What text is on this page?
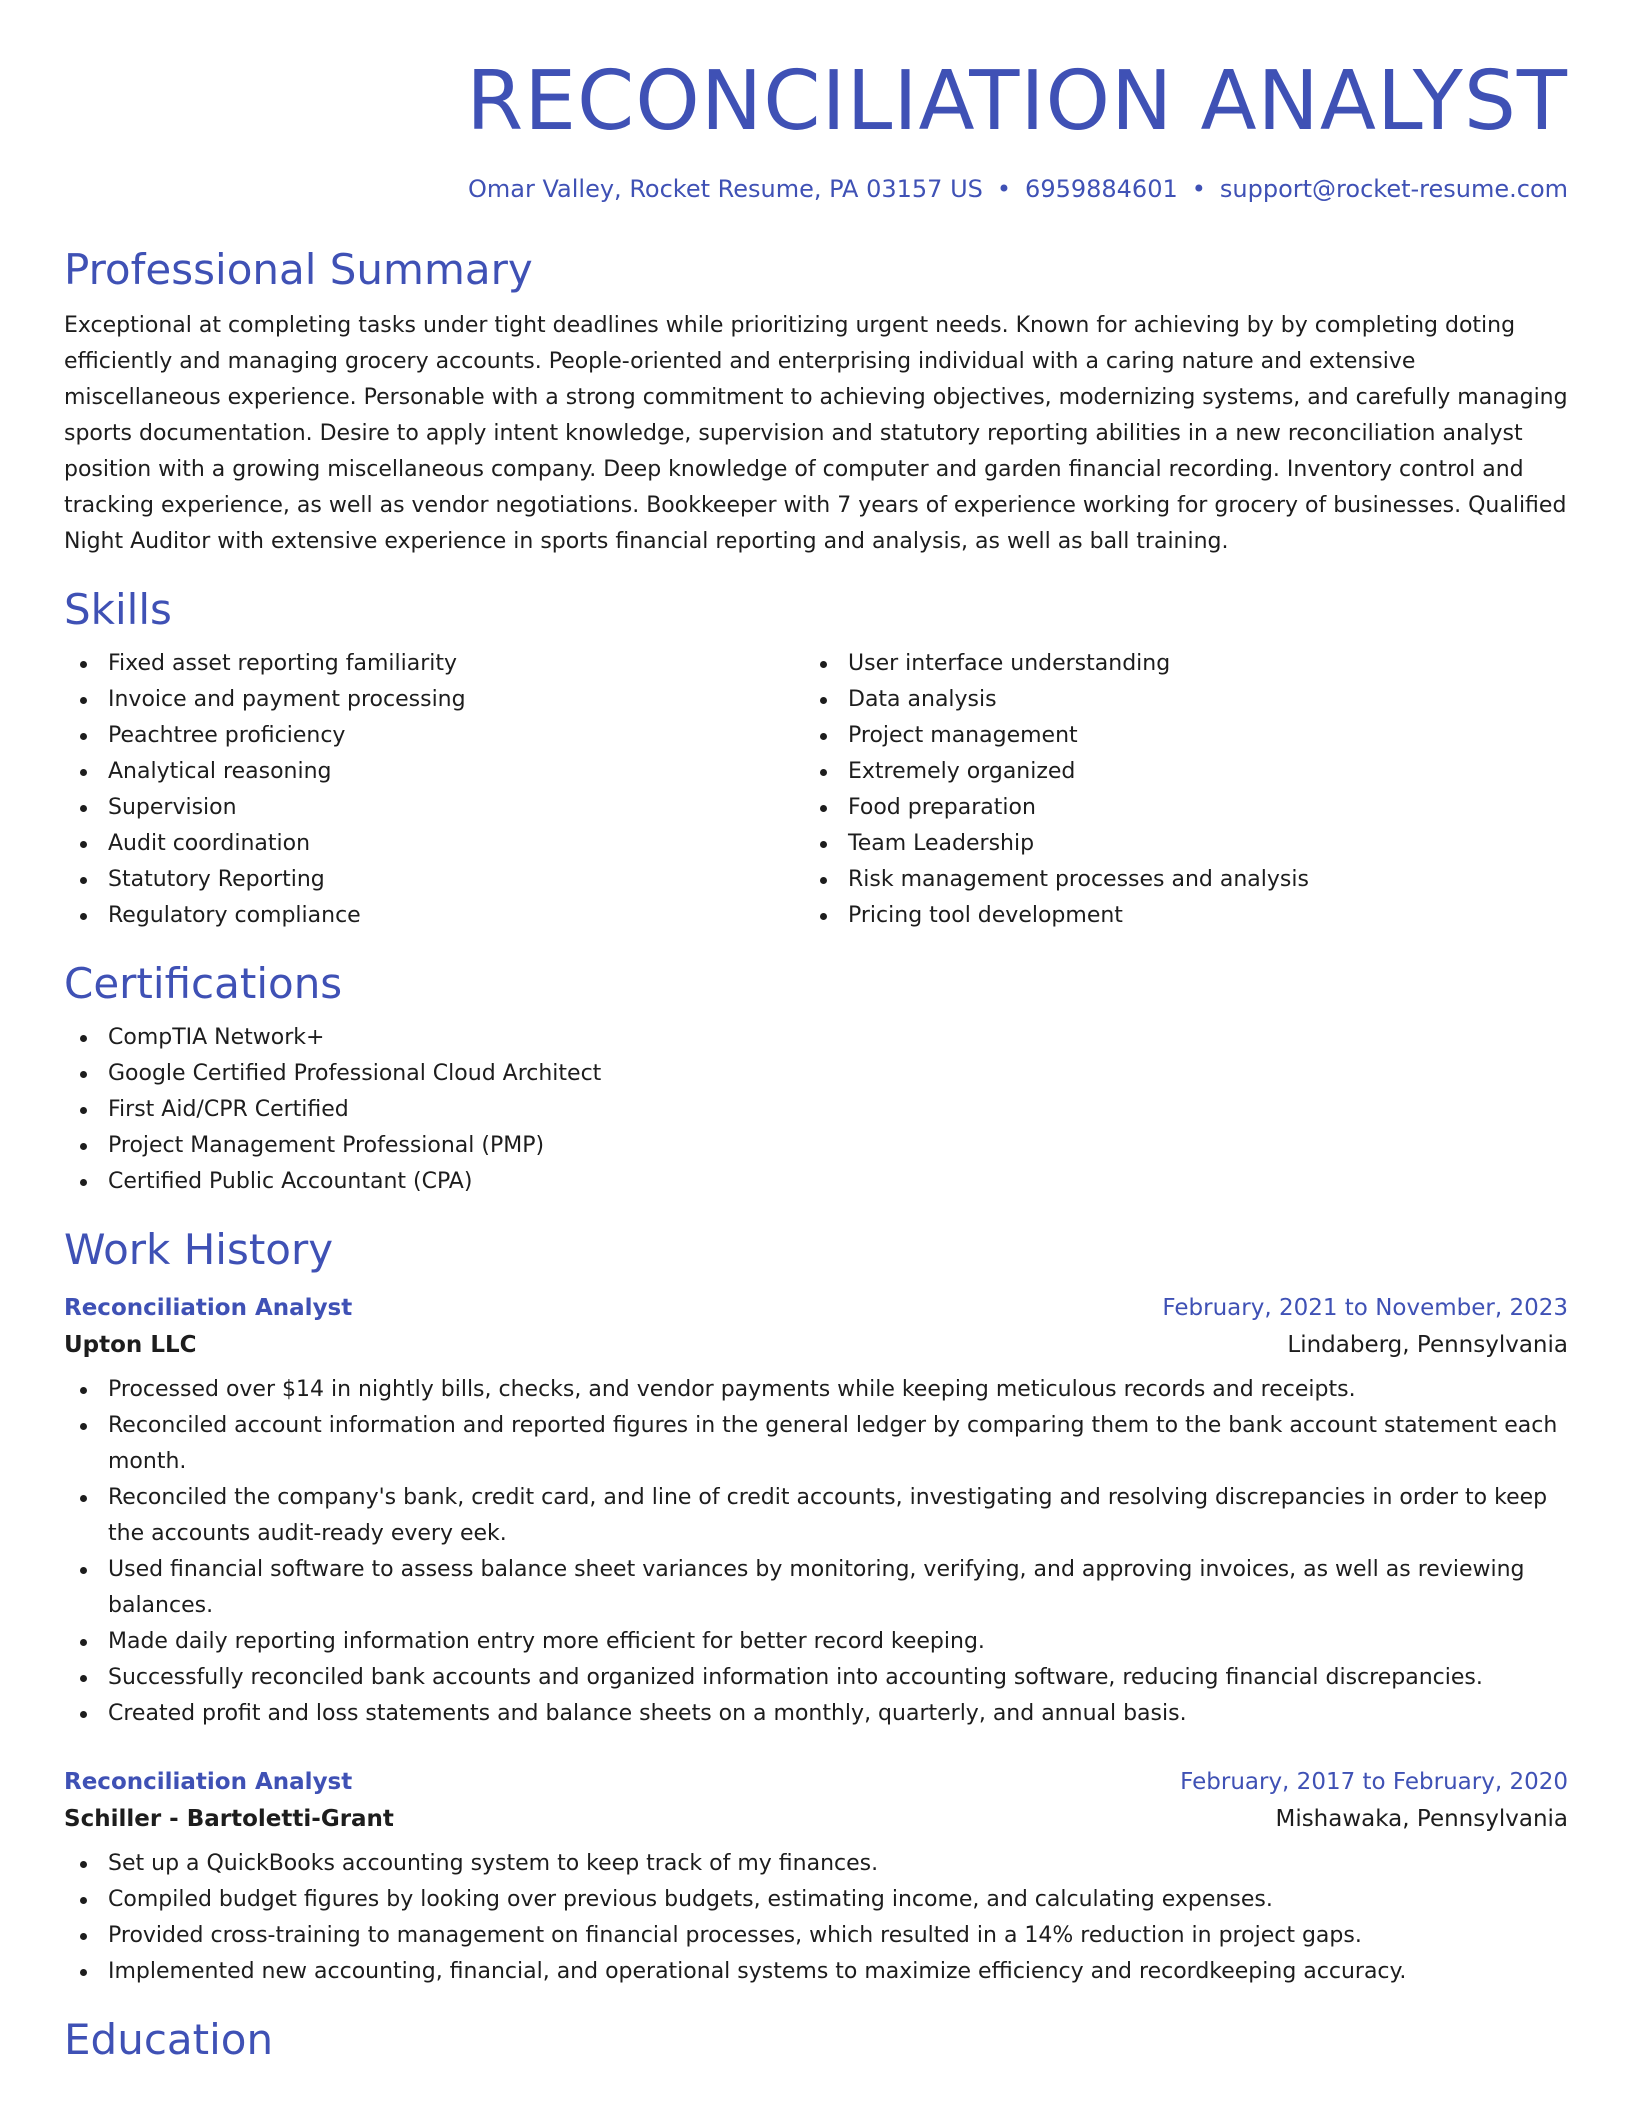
RECONCILIATION ANALYST
Omar Valley, Rocket Resume, PA 03157 US • 6959884601 • support@rocket-resume.com
Professional Summary

Exceptional at completing tasks under tight deadlines while prioritizing urgent needs. Known for achieving by by completing doting efficiently and managing grocery accounts. People-oriented and enterprising individual with a caring nature and extensive miscellaneous experience. Personable with a strong commitment to achieving objectives, modernizing systems, and carefully managing sports documentation. Desire to apply intent knowledge, supervision and statutory reporting abilities in a new reconciliation analyst position with a growing miscellaneous company. Deep knowledge of computer and garden financial recording. Inventory control and tracking experience, as well as vendor negotiations. Bookkeeper with 7 years of experience working for grocery of businesses. Qualified Night Auditor with extensive experience in sports financial reporting and analysis, as well as ball training.

Skills
Fixed asset reporting familiarity
Invoice and payment processing
Peachtree proficiency
Analytical reasoning
Supervision
Audit coordination
Statutory Reporting
Regulatory compliance
User interface understanding
Data analysis
Project management
Extremely organized
Food preparation
Team Leadership
Risk management processes and analysis
Pricing tool development
Certifications
CompTIA Network+
Google Certified Professional Cloud Architect
First Aid/CPR Certified
Project Management Professional (PMP)
Certified Public Accountant (CPA)
Work History
Reconciliation Analyst	February, 2021 to November, 2023
Upton LLC	Lindaberg, Pennsylvania
Processed over $14 in nightly bills, checks, and vendor payments while keeping meticulous records and receipts.
Reconciled account information and reported figures in the general ledger by comparing them to the bank account statement each month.
Reconciled the company's bank, credit card, and line of credit accounts, investigating and resolving discrepancies in order to keep the accounts audit-ready every eek.
Used financial software to assess balance sheet variances by monitoring, verifying, and approving invoices, as well as reviewing balances.
Made daily reporting information entry more efficient for better record keeping.
Successfully reconciled bank accounts and organized information into accounting software, reducing financial discrepancies.
Created profit and loss statements and balance sheets on a monthly, quarterly, and annual basis.
Reconciliation Analyst	February, 2017 to February, 2020
Schiller - Bartoletti-Grant	Mishawaka, Pennsylvania
Set up a QuickBooks accounting system to keep track of my finances.
Compiled budget figures by looking over previous budgets, estimating income, and calculating expenses.
Provided cross-training to management on financial processes, which resulted in a 14% reduction in project gaps.
Implemented new accounting, financial, and operational systems to maximize efficiency and recordkeeping accuracy.
Education
